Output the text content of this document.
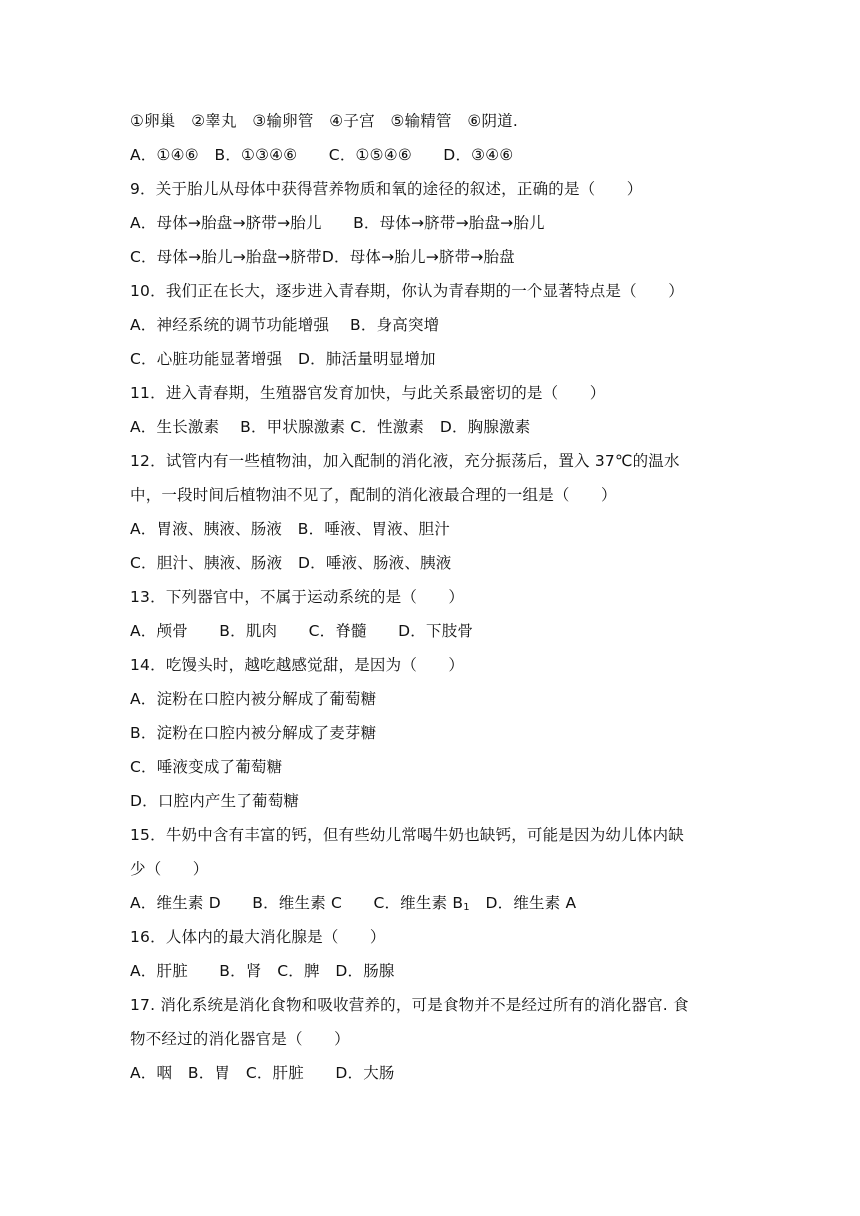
①卵巢　②睾丸　③输卵管　④子宫　⑤输精管　⑥阴道.
A．①④⑥　B．①③④⑥　　C．①⑤④⑥　　D．③④⑥
9．关于胎儿从母体中获得营养物质和氧的途径的叙述，正确的是（　　）
A．母体→胎盘→脐带→胎儿　　B．母体→脐带→胎盘→胎儿
C．母体→胎儿→胎盘→脐带D．母体→胎儿→脐带→胎盘
10．我们正在长大，逐步进入青春期，你认为青春期的一个显著特点是（　　）
A．神经系统的调节功能增强　 B．身高突增
C．心脏功能显著增强　D．肺活量明显增加
11．进入青春期，生殖器官发育加快，与此关系最密切的是（　　）
A．生长激素　 B．甲状腺激素 C．性激素　D．胸腺激素
12．试管内有一些植物油，加入配制的消化液，充分振荡后，置入 37℃的温水
中，一段时间后植物油不见了，配制的消化液最合理的一组是（　　）
A．胃液、胰液、肠液　B．唾液、胃液、胆汁
C．胆汁、胰液、肠液　D．唾液、肠液、胰液
13．下列器官中，不属于运动系统的是（　　）
A．颅骨　　B．肌肉　　C．脊髓　　D．下肢骨
14．吃馒头时，越吃越感觉甜，是因为（　　）
A．淀粉在口腔内被分解成了葡萄糖
B．淀粉在口腔内被分解成了麦芽糖
C．唾液变成了葡萄糖
D．口腔内产生了葡萄糖
15．牛奶中含有丰富的钙，但有些幼儿常喝牛奶也缺钙，可能是因为幼儿体内缺
少（　　）
A．维生素 D　　B．维生素 C　　C．维生素 $B_1$　D．维生素 A
16．人体内的最大消化腺是（　　）
A．肝脏　　B．肾　C．脾　D．肠腺
17. 消化系统是消化食物和吸收营养的，可是食物并不是经过所有的消化器官. 食
物不经过的消化器官是（　　）
A．咽　B．胃　C．肝脏　　D．大肠
